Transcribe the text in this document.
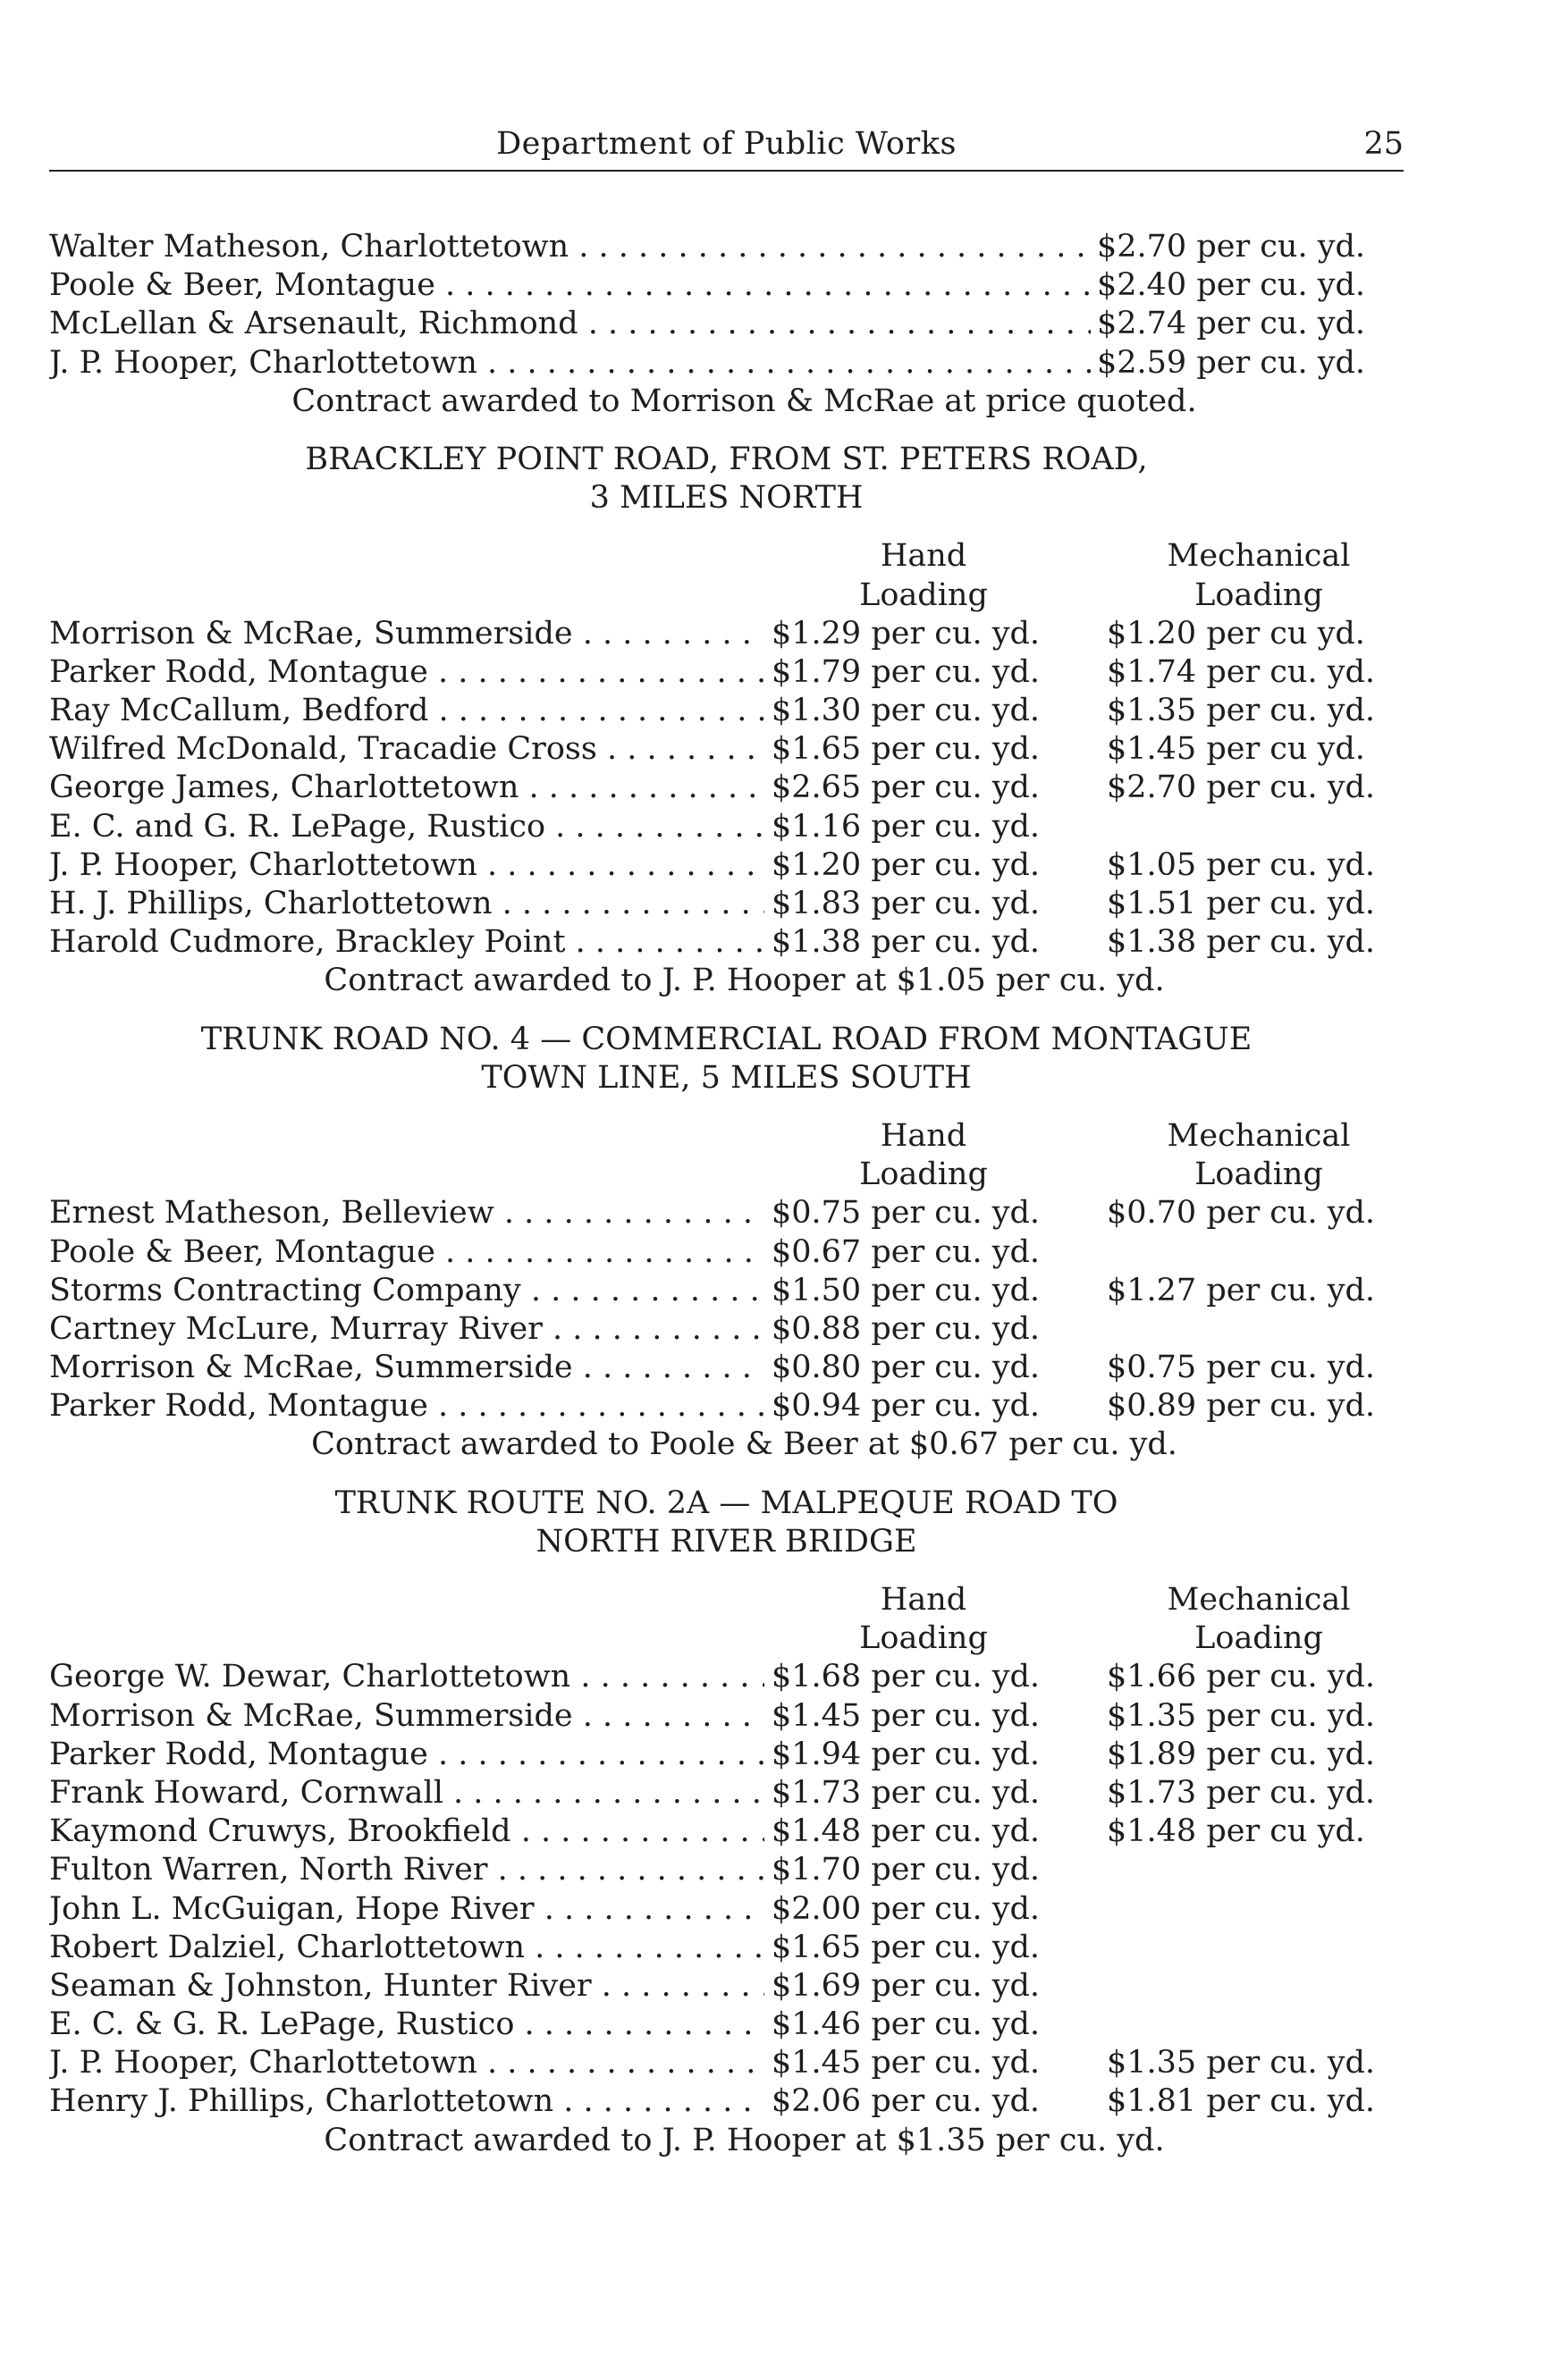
Department of Public Works	25
Walter Matheson, Charlottetown . . .	$2.70 per cu. yd.
Poole & Beer, Montague . . .	$2.40 per cu. yd.
McLellan & Arsenault, Richmond . . .	$2.74 per cu. yd.
J. P. Hooper, Charlottetown . . .	$2.59 per cu. yd.
Contract awarded to Morrison & McRae at price quoted.
BRACKLEY POINT ROAD, FROM ST. PETERS ROAD,
3 MILES NORTH
Hand	Mechanical
Loading	Loading
Morrison & McRae, Summerside . . .	$1.29 per cu. yd. $1.20 per cu yd.
Parker Rodd, Montague . . .	$1.79 per cu. yd. $1.74 per cu. yd.
Ray McCallum, Bedford . . .	$1.30 per cu. yd. $1.35 per cu. yd.
Wilfred McDonald, Tracadie Cross . . .	$1.65 per cu. yd. $1.45 per cu yd.
George James, Charlottetown . . .	$2.65 per cu. yd. $2.70 per cu. yd.
E. C. and G. R. LePage, Rustico . . .	$1.16 per cu. yd.
J. P. Hooper, Charlottetown . . .	$1.20 per cu. yd. $1.05 per cu. yd.
H. J. Phillips, Charlottetown . . .	$1.83 per cu. yd. $1.51 per cu. yd.
Harold Cudmore, Brackley Point . . .	$1.38 per cu. yd. $1.38 per cu. yd.
Contract awarded to J. P. Hooper at $1.05 per cu. yd.
TRUNK ROAD NO. 4 — COMMERCIAL ROAD FROM MONTAGUE
TOWN LINE, 5 MILES SOUTH
Hand	Mechanical
Loading	Loading
Ernest Matheson, Belleview . . .	$0.75 per cu. yd. $0.70 per cu. yd.
Poole & Beer, Montague . . .	$0.67 per cu. yd.
Storms Contracting Company . . .	$1.50 per cu. yd. $1.27 per cu. yd.
Cartney McLure, Murray River . . .	$0.88 per cu. yd.
Morrison & McRae, Summerside . . .	$0.80 per cu. yd. $0.75 per cu. yd.
Parker Rodd, Montague . . .	$0.94 per cu. yd. $0.89 per cu. yd.
Contract awarded to Poole & Beer at $0.67 per cu. yd.
TRUNK ROUTE NO. 2A — MALPEQUE ROAD TO
NORTH RIVER BRIDGE
Hand	Mechanical
Loading	Loading
George W. Dewar, Charlottetown . . .	$1.68 per cu. yd. $1.66 per cu. yd.
Morrison & McRae, Summerside . . .	$1.45 per cu. yd. $1.35 per cu. yd.
Parker Rodd, Montague . . .	$1.94 per cu. yd. $1.89 per cu. yd.
Frank Howard, Cornwall . . .	$1.73 per cu. yd. $1.73 per cu. yd.
Kaymond Cruwys, Brookfield . . .	$1.48 per cu. yd. $1.48 per cu yd.
Fulton Warren, North River . . .	$1.70 per cu. yd.
John L. McGuigan, Hope River . . .	$2.00 per cu. yd.
Robert Dalziel, Charlottetown . . .	$1.65 per cu. yd.
Seaman & Johnston, Hunter River . . .	$1.69 per cu. yd.
E. C. & G. R. LePage, Rustico . . .	$1.46 per cu. yd.
J. P. Hooper, Charlottetown . . .	$1.45 per cu. yd. $1.35 per cu. yd.
Henry J. Phillips, Charlottetown . . .	$2.06 per cu. yd. $1.81 per cu. yd.
Contract awarded to J. P. Hooper at $1.35 per cu. yd.
